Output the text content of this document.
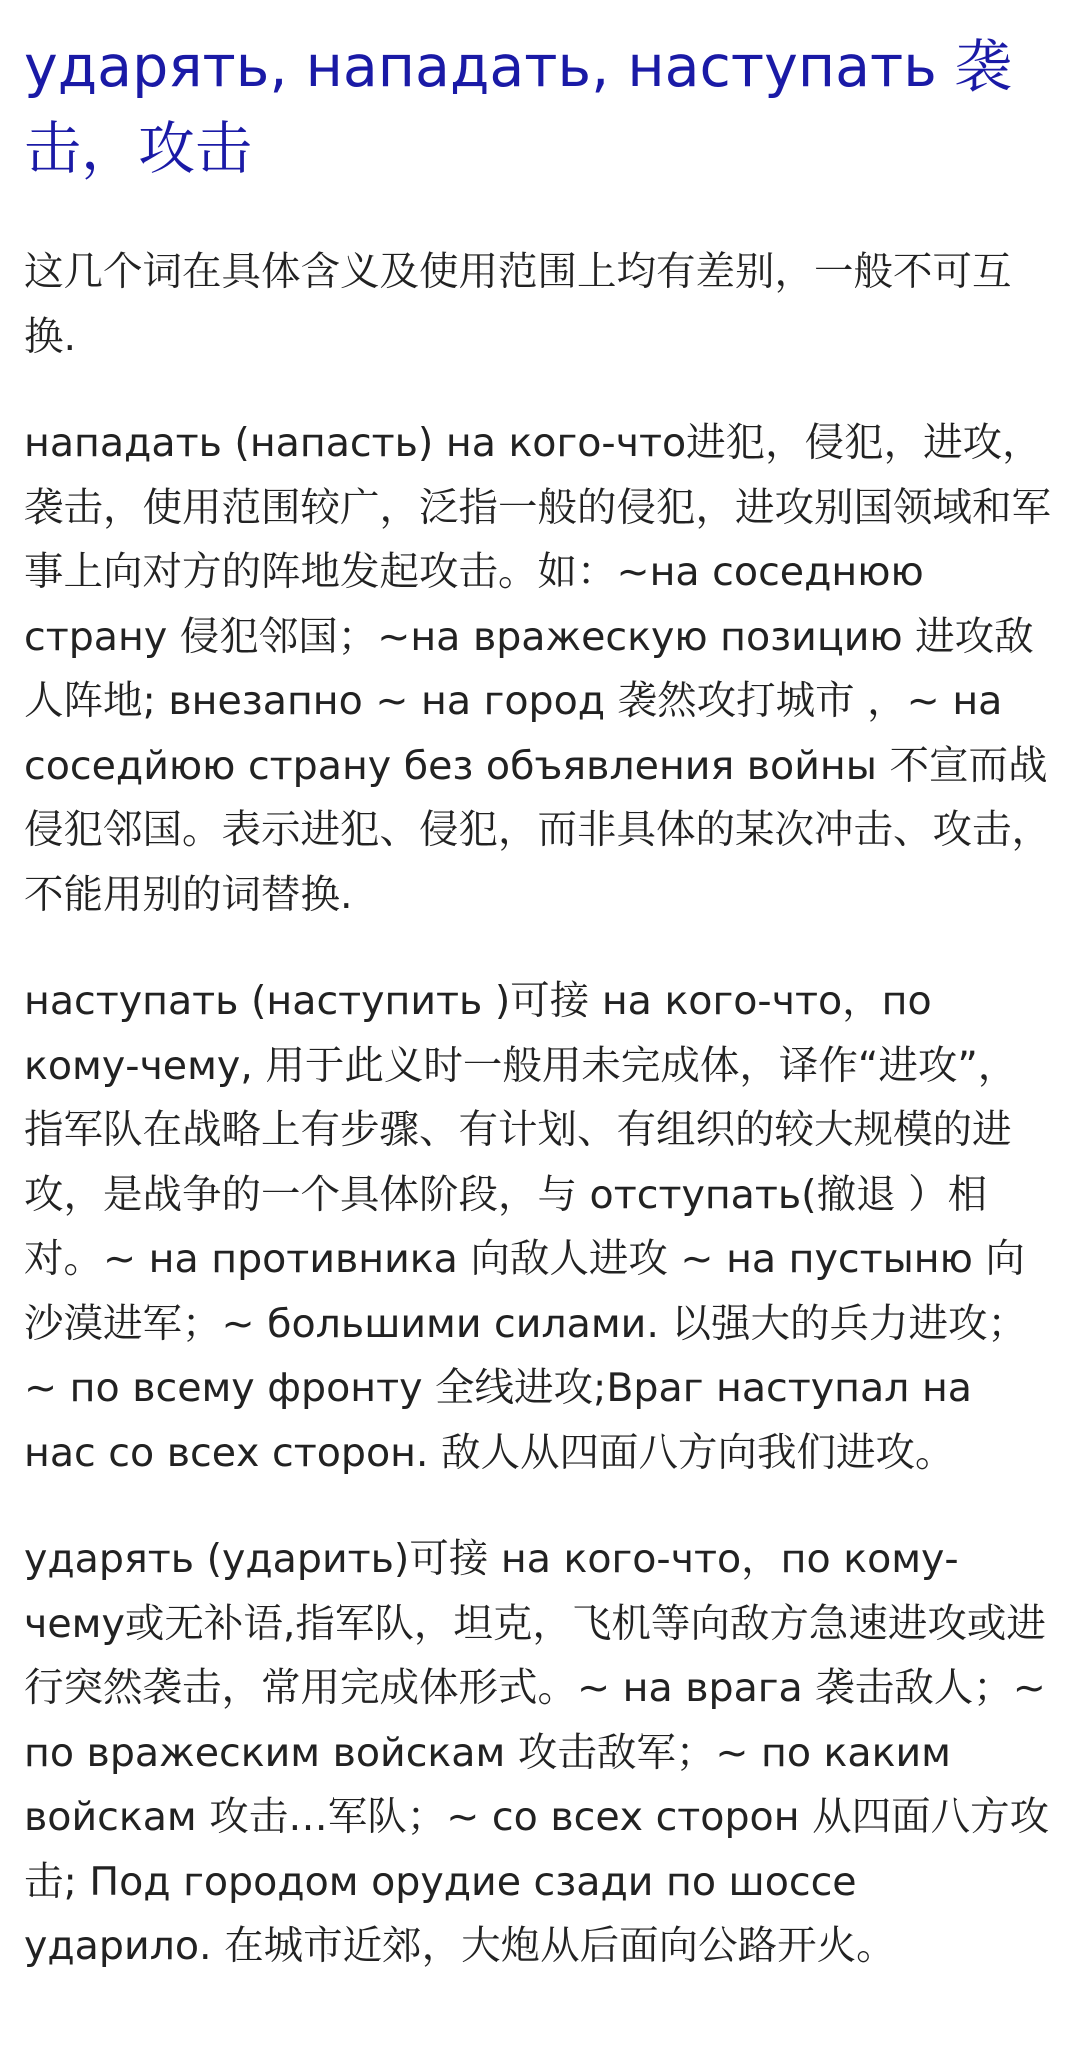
ударять, нападать, наступать 袭击，攻击

这几个词在具体含义及使用范围上均有差别，一般不可互换.

нападать (напасть) на кого-что进犯，侵犯，进攻，袭击，使用范围较广，泛指一般的侵犯，进攻别国领域和军事上向对方的阵地发起攻击。如：~на соседнюю страну 侵犯邻国；~на вражескую позицию 进攻敌人阵地; внезапно ~ на город 袭然攻打城市 ，~ на соседйюю страну без объявления войны 不宣而战侵犯邻国。表示进犯、侵犯，而非具体的某次冲击、攻击，不能用别的词替换.

наступать (наступить )可接 на кого-что，по кому-чему, 用于此义时一般用未完成体，译作“进攻”，指军队在战略上有步骤、有计划、有组织的较大规模的进攻，是战争的一个具体阶段，与 отступать(撤退 ）相对。~ на противника 向敌人进攻 ~ на пустыню 向沙漠进军；~ большими силами. 以强大的兵力进攻；~ по всему фронту 全线进攻;Враг наступал на нас со всех сторон. 敌人从四面八方向我们进攻。

ударять (ударить)可接 на кого-что，по кому-чему或无补语,指军队，坦克，飞机等向敌方急速进攻或进行突然袭击，常用完成体形式。~ на врага 袭击敌人；~ по вражеским войскам 攻击敌军；~ по каким войскам 攻击…军队；~ со всех сторон 从四面八方攻击; Под городом орудие сзади по шоссе ударило. 在城市近郊，大炮从后面向公路开火。
